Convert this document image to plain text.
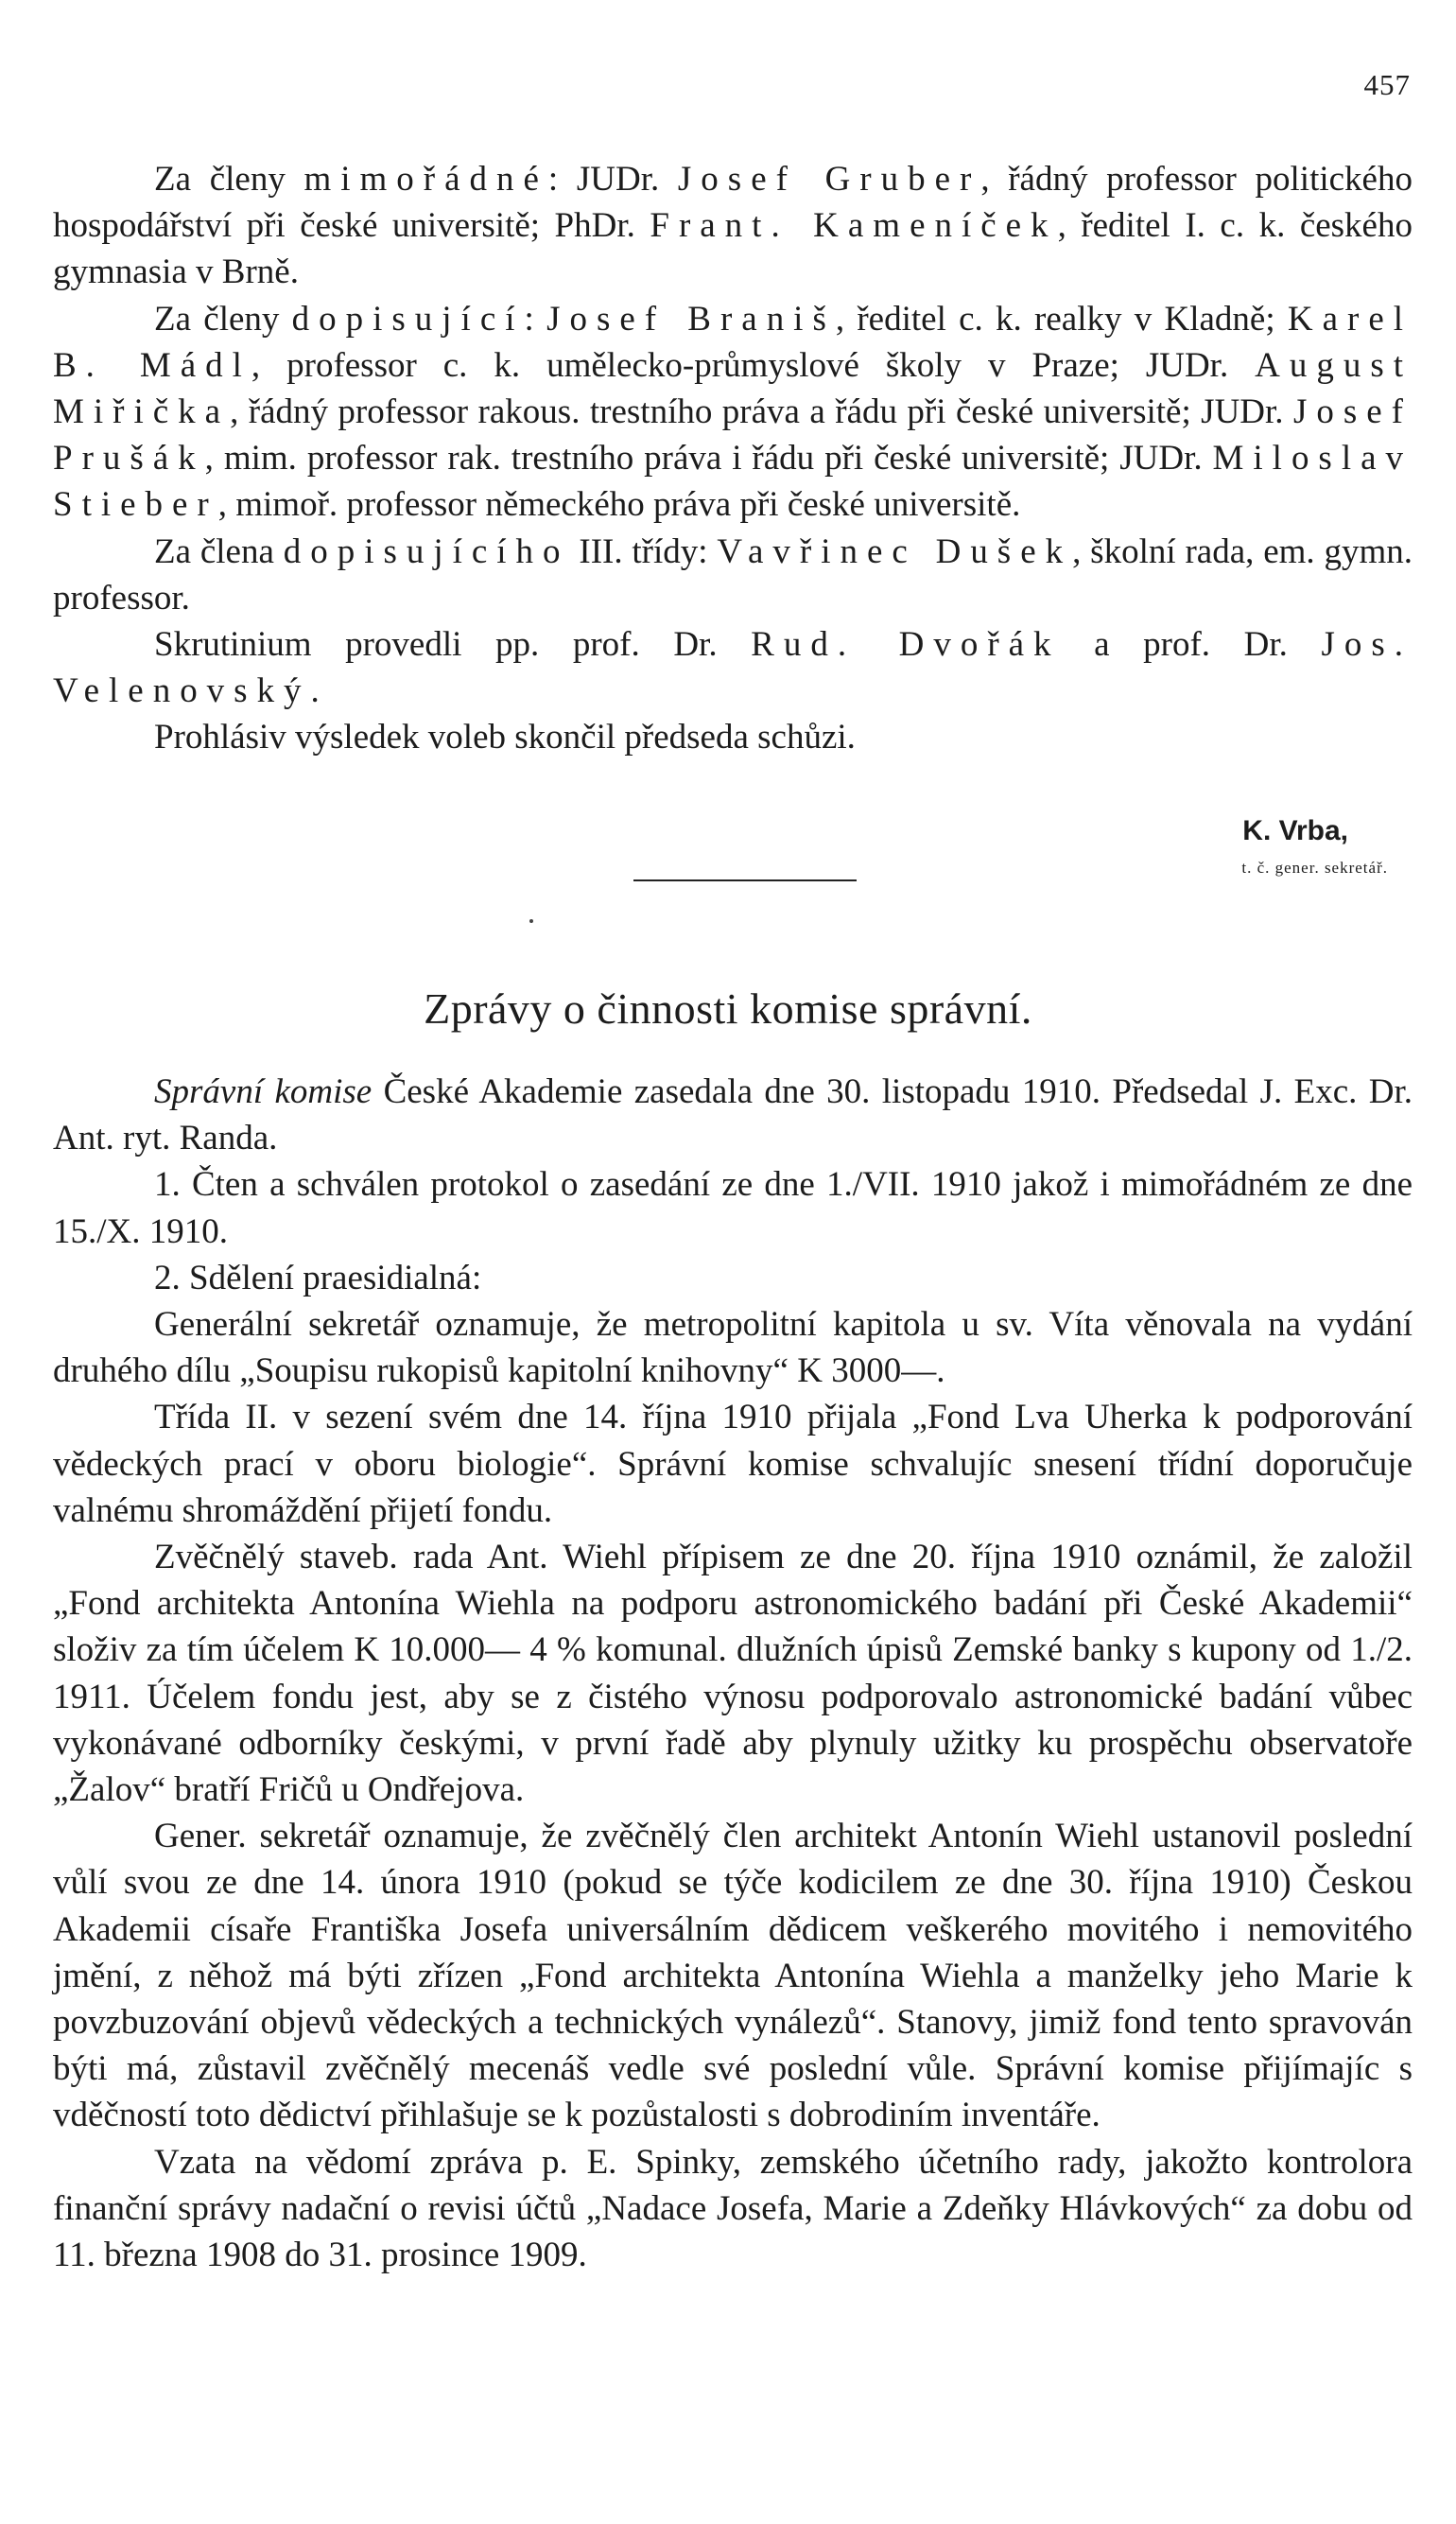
457

Za členy mimořádné: JUDr. Josef Gruber, řádný professor politického hospodářství při české universitě; PhDr. Frant. Kameníček, ředitel I. c. k. českého gymnasia v Brně.

Za členy dopisující: Josef Braniš, ředitel c. k. realky v Kladně; Karel B. Mádl, professor c. k. umělecko-průmyslové školy v Praze; JUDr. August Miřička, řádný professor rakous. trestního práva a řádu při české universitě; JUDr. Josef Prušák, mim. professor rak. trestního práva i řádu při české universitě; JUDr. Miloslav Stieber, mimoř. professor německého práva při české universitě.

Za člena dopisujícího III. třídy: Vavřinec Dušek, školní rada, em. gymn. professor.

Skrutinium provedli pp. prof. Dr. Rud. Dvořák a prof. Dr. Jos. Velenovský.

Prohlásiv výsledek voleb skončil předseda schůzi.

K. Vrba,
t. č. gener. sekretář.
Zprávy o činnosti komise správní.

Správní komise České Akademie zasedala dne 30. listopadu 1910. Předsedal J. Exc. Dr. Ant. ryt. Randa.

1. Čten a schválen protokol o zasedání ze dne 1./VII. 1910 jakož i mimořádném ze dne 15./X. 1910.

2. Sdělení praesidialná:

Generální sekretář oznamuje, že metropolitní kapitola u sv. Víta věnovala na vydání druhého dílu „Soupisu rukopisů kapitolní knihovny“ K 3000—.

Třída II. v sezení svém dne 14. října 1910 přijala „Fond Lva Uherka k podporování vědeckých prací v oboru biologie“. Správní komise schvalujíc snesení třídní doporučuje valnému shromáždění přijetí fondu.

Zvěčnělý staveb. rada Ant. Wiehl přípisem ze dne 20. října 1910 oznámil, že založil „Fond architekta Antonína Wiehla na podporu astronomického badání při České Akademii“ složiv za tím účelem K 10.000— 4 % komunal. dlužních úpisů Zemské banky s kupony od 1./2. 1911. Účelem fondu jest, aby se z čistého výnosu podporovalo astronomické badání vůbec vykonávané odborníky českými, v první řadě aby plynuly užitky ku prospěchu observatoře „Žalov“ bratří Fričů u Ondřejova.

Gener. sekretář oznamuje, že zvěčnělý člen architekt Antonín Wiehl ustanovil poslední vůlí svou ze dne 14. února 1910 (pokud se týče kodicilem ze dne 30. října 1910) Českou Akademii císaře Františka Josefa universálním dědicem veškerého movitého i nemovitého jmění, z něhož má býti zřízen „Fond architekta Antonína Wiehla a manželky jeho Marie k povzbuzování objevů vědeckých a technických vynálezů“. Stanovy, jimiž fond tento spravován býti má, zůstavil zvěčnělý mecenáš vedle své poslední vůle. Správní komise přijímajíc s vděčností toto dědictví přihlašuje se k pozůstalosti s dobrodiním inventáře.

Vzata na vědomí zpráva p. E. Spinky, zemského účetního rady, jakožto kontrolora finanční správy nadační o revisi účtů „Nadace Josefa, Marie a Zdeňky Hlávkových“ za dobu od 11. března 1908 do 31. prosince 1909.
